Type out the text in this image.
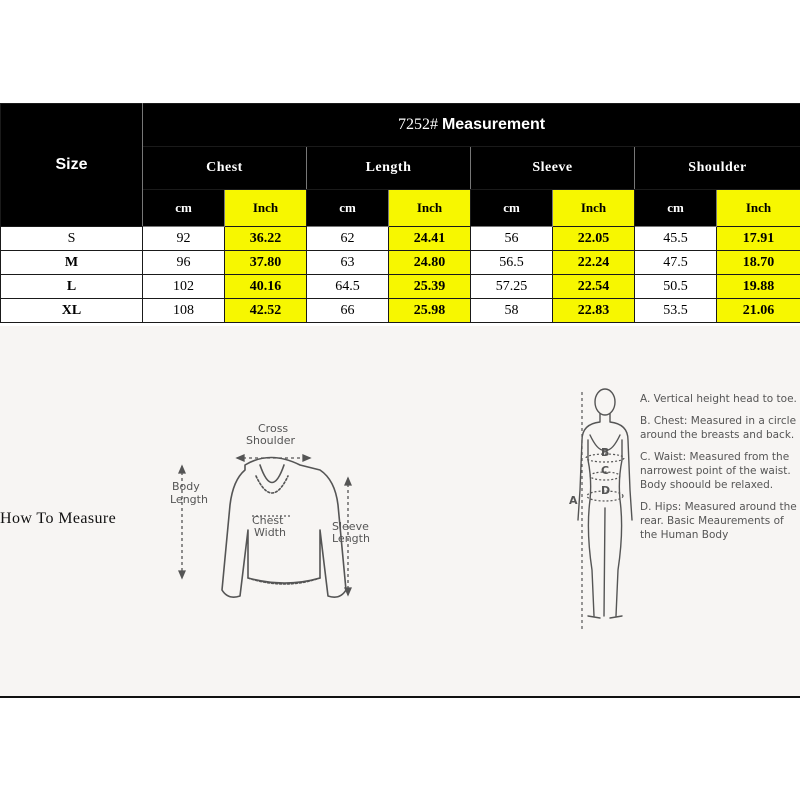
Size	7252# Measurement							
	Chest		Length		Sleeve		Shoulder	
	cm	Inch	cm	Inch	cm	Inch	cm	Inch
S	92	36.22	62	24.41	56	22.05	45.5	17.91
M	96	37.80	63	24.80	56.5	22.24	47.5	18.70
L	102	40.16	64.5	25.39	57.25	22.54	50.5	19.88
XL	108	42.52	66	25.98	58	22.83	53.5	21.06
How To Measure
Cross
Shoulder
Body
Length
Chest
Width	Sleeve
Length
A
B
C
D
A. Vertical height head to toe.
B. Chest: Measured in a circle around the breasts and back.
C. Waist: Measured from the narrowest point of the waist. Body shoould be relaxed.
D. Hips: Measured around the rear. Basic Meaurements of the Human Body
